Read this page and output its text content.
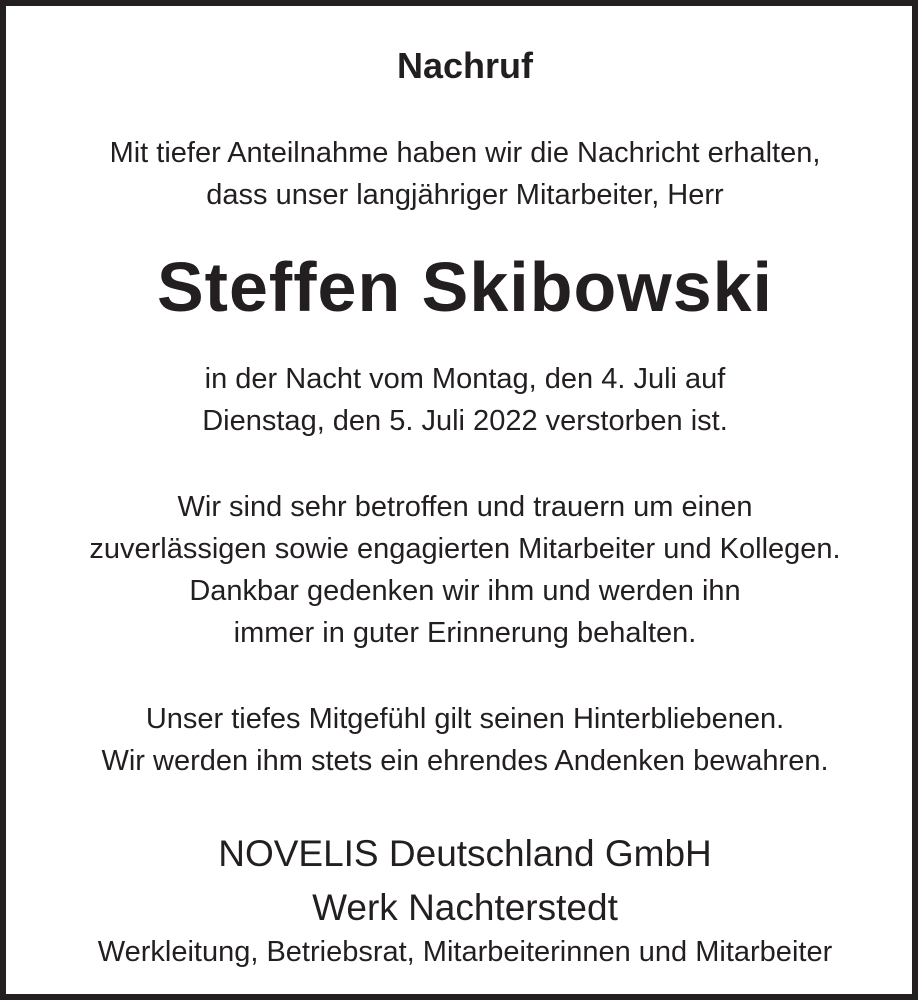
Nachruf

Mit tiefer Anteilnahme haben wir die Nachricht erhalten,

dass unser langjähriger Mitarbeiter, Herr

Steffen Skibowski

in der Nacht vom Montag, den 4. Juli auf

Dienstag, den 5. Juli 2022 verstorben ist.

Wir sind sehr betroffen und trauern um einen

zuverlässigen sowie engagierten Mitarbeiter und Kollegen.

Dankbar gedenken wir ihm und werden ihn

immer in guter Erinnerung behalten.

Unser tiefes Mitgefühl gilt seinen Hinterbliebenen.

Wir werden ihm stets ein ehrendes Andenken bewahren.

NOVELIS Deutschland GmbH

Werk Nachterstedt

Werkleitung, Betriebsrat, Mitarbeiterinnen und Mitarbeiter
